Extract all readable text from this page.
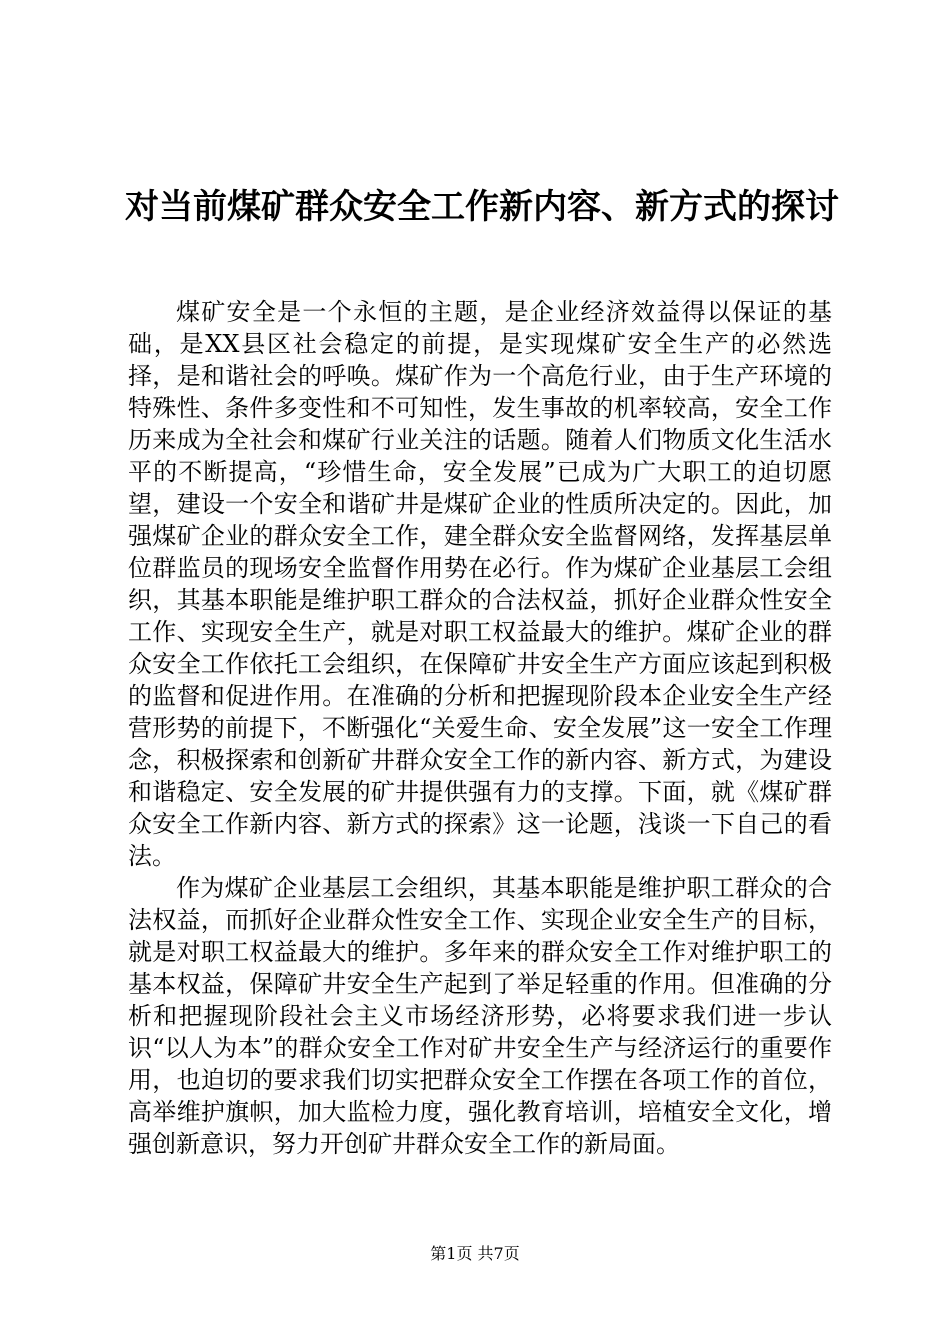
对当前煤矿群众安全工作新内容、新方式的探讨

煤矿安全是一个永恒的主题，是企业经济效益得以保证的基础，是XX县区社会稳定的前提，是实现煤矿安全生产的必然选择，是和谐社会的呼唤。煤矿作为一个高危行业，由于生产环境的特殊性、条件多变性和不可知性，发生事故的机率较高，安全工作历来成为全社会和煤矿行业关注的话题。随着人们物质文化生活水平的不断提高，“珍惜生命，安全发展”已成为广大职工的迫切愿望，建设一个安全和谐矿井是煤矿企业的性质所决定的。因此，加强煤矿企业的群众安全工作，建全群众安全监督网络，发挥基层单位群监员的现场安全监督作用势在必行。作为煤矿企业基层工会组织，其基本职能是维护职工群众的合法权益，抓好企业群众性安全工作、实现安全生产，就是对职工权益最大的维护。煤矿企业的群众安全工作依托工会组织，在保障矿井安全生产方面应该起到积极的监督和促进作用。在准确的分析和把握现阶段本企业安全生产经营形势的前提下，不断强化“关爱生命、安全发展”这一安全工作理念，积极探索和创新矿井群众安全工作的新内容、新方式，为建设和谐稳定、安全发展的矿井提供强有力的支撑。下面，就《煤矿群众安全工作新内容、新方式的探索》这一论题，浅谈一下自己的看法。

作为煤矿企业基层工会组织，其基本职能是维护职工群众的合法权益，而抓好企业群众性安全工作、实现企业安全生产的目标，就是对职工权益最大的维护。多年来的群众安全工作对维护职工的基本权益，保障矿井安全生产起到了举足轻重的作用。但准确的分析和把握现阶段社会主义市场经济形势，必将要求我们进一步认识“以人为本”的群众安全工作对矿井安全生产与经济运行的重要作用，也迫切的要求我们切实把群众安全工作摆在各项工作的首位，高举维护旗帜，加大监检力度，强化教育培训，培植安全文化，增强创新意识，努力开创矿井群众安全工作的新局面。

第1页 共7页
